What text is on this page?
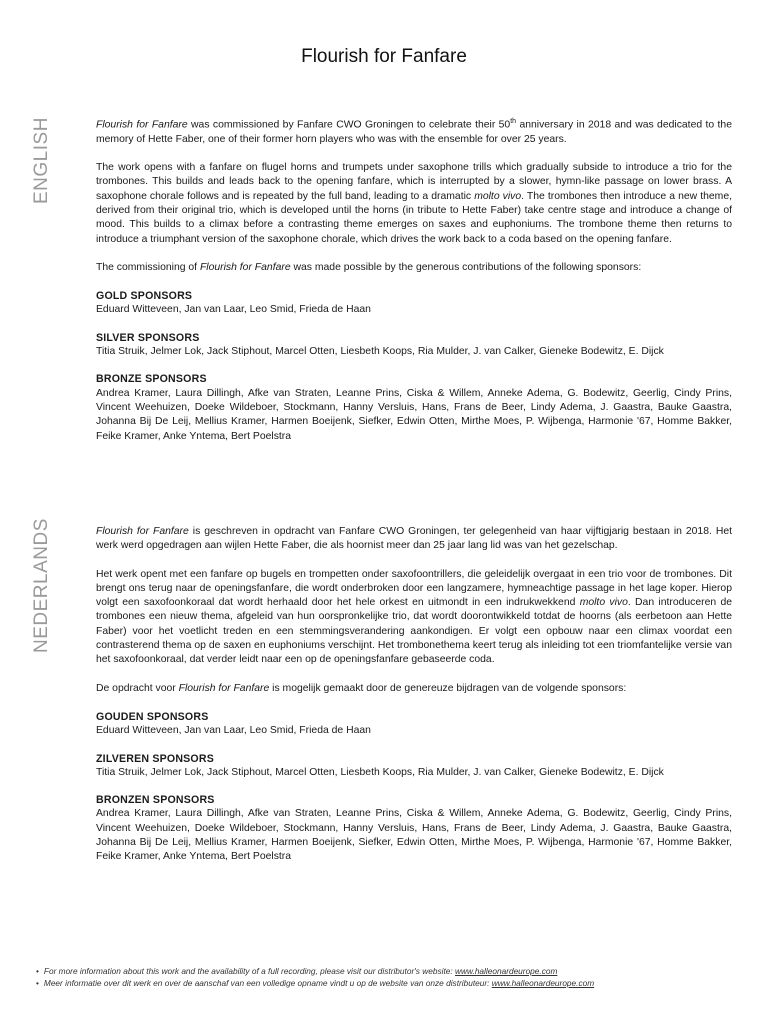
Flourish for Fanfare
ENGLISH
NEDERLANDS

Flourish for Fanfare was commissioned by Fanfare CWO Groningen to celebrate their 50th anniversary in 2018 and was dedicated to the memory of Hette Faber, one of their former horn players who was with the ensemble for over 25 years.

The work opens with a fanfare on flugel horns and trumpets under saxophone trills which gradually subside to introduce a trio for the trombones. This builds and leads back to the opening fanfare, which is interrupted by a slower, hymn-like passage on lower brass. A saxophone chorale follows and is repeated by the full band, leading to a dramatic molto vivo. The trombones then introduce a new theme, derived from their original trio, which is developed until the horns (in tribute to Hette Faber) take centre stage and introduce a change of mood. This builds to a climax before a contrasting theme emerges on saxes and euphoniums. The trombone theme then returns to introduce a triumphant version of the saxophone chorale, which drives the work back to a coda based on the opening fanfare.

The commissioning of Flourish for Fanfare was made possible by the generous contributions of the following sponsors:

GOLD SPONSORS
Eduard Witteveen, Jan van Laar, Leo Smid, Frieda de Haan
SILVER SPONSORS
Titia Struik, Jelmer Lok, Jack Stiphout, Marcel Otten, Liesbeth Koops, Ria Mulder, J. van Calker, Gieneke Bodewitz, E. Dijck
BRONZE SPONSORS
Andrea Kramer, Laura Dillingh, Afke van Straten, Leanne Prins, Ciska & Willem, Anneke Adema, G. Bodewitz, Geerlig, Cindy Prins, Vincent Weehuizen, Doeke Wildeboer, Stockmann, Hanny Versluis, Hans, Frans de Beer, Lindy Adema, J. Gaastra, Bauke Gaastra, Johanna Bij De Leij, Mellius Kramer, Harmen Boeijenk, Siefker, Edwin Otten, Mirthe Moes, P. Wijbenga, Harmonie '67, Homme Bakker, Feike Kramer, Anke Yntema, Bert Poelstra

Flourish for Fanfare is geschreven in opdracht van Fanfare CWO Groningen, ter gelegenheid van haar vijftigjarig bestaan in 2018. Het werk werd opgedragen aan wijlen Hette Faber, die als hoornist meer dan 25 jaar lang lid was van het gezelschap.

Het werk opent met een fanfare op bugels en trompetten onder saxofoontrillers, die geleidelijk overgaat in een trio voor de trombones. Dit brengt ons terug naar de openingsfanfare, die wordt onderbroken door een langzamere, hymneachtige passage in het lage koper. Hierop volgt een saxofoonkoraal dat wordt herhaald door het hele orkest en uitmondt in een indrukwekkend molto vivo. Dan introduceren de trombones een nieuw thema, afgeleid van hun oorspronkelijke trio, dat wordt doorontwikkeld totdat de hoorns (als eerbetoon aan Hette Faber) voor het voetlicht treden en een stemmingsverandering aankondigen. Er volgt een opbouw naar een climax voordat een contrasterend thema op de saxen en euphoniums verschijnt. Het trombonethema keert terug als inleiding tot een triomfantelijke versie van het saxofoonkoraal, dat verder leidt naar een op de openingsfanfare gebaseerde coda.

De opdracht voor Flourish for Fanfare is mogelijk gemaakt door de genereuze bijdragen van de volgende sponsors:

GOUDEN SPONSORS
Eduard Witteveen, Jan van Laar, Leo Smid, Frieda de Haan
ZILVEREN SPONSORS
Titia Struik, Jelmer Lok, Jack Stiphout, Marcel Otten, Liesbeth Koops, Ria Mulder, J. van Calker, Gieneke Bodewitz, E. Dijck
BRONZEN SPONSORS
Andrea Kramer, Laura Dillingh, Afke van Straten, Leanne Prins, Ciska & Willem, Anneke Adema, G. Bodewitz, Geerlig, Cindy Prins, Vincent Weehuizen, Doeke Wildeboer, Stockmann, Hanny Versluis, Hans, Frans de Beer, Lindy Adema, J. Gaastra, Bauke Gaastra, Johanna Bij De Leij, Mellius Kramer, Harmen Boeijenk, Siefker, Edwin Otten, Mirthe Moes, P. Wijbenga, Harmonie '67, Homme Bakker, Feike Kramer, Anke Yntema, Bert Poelstra
• For more information about this work and the availability of a full recording, please visit our distributor's website: www.halleonardeurope.com
• Meer informatie over dit werk en over de aanschaf van een volledige opname vindt u op de website van onze distributeur: www.halleonardeurope.com
